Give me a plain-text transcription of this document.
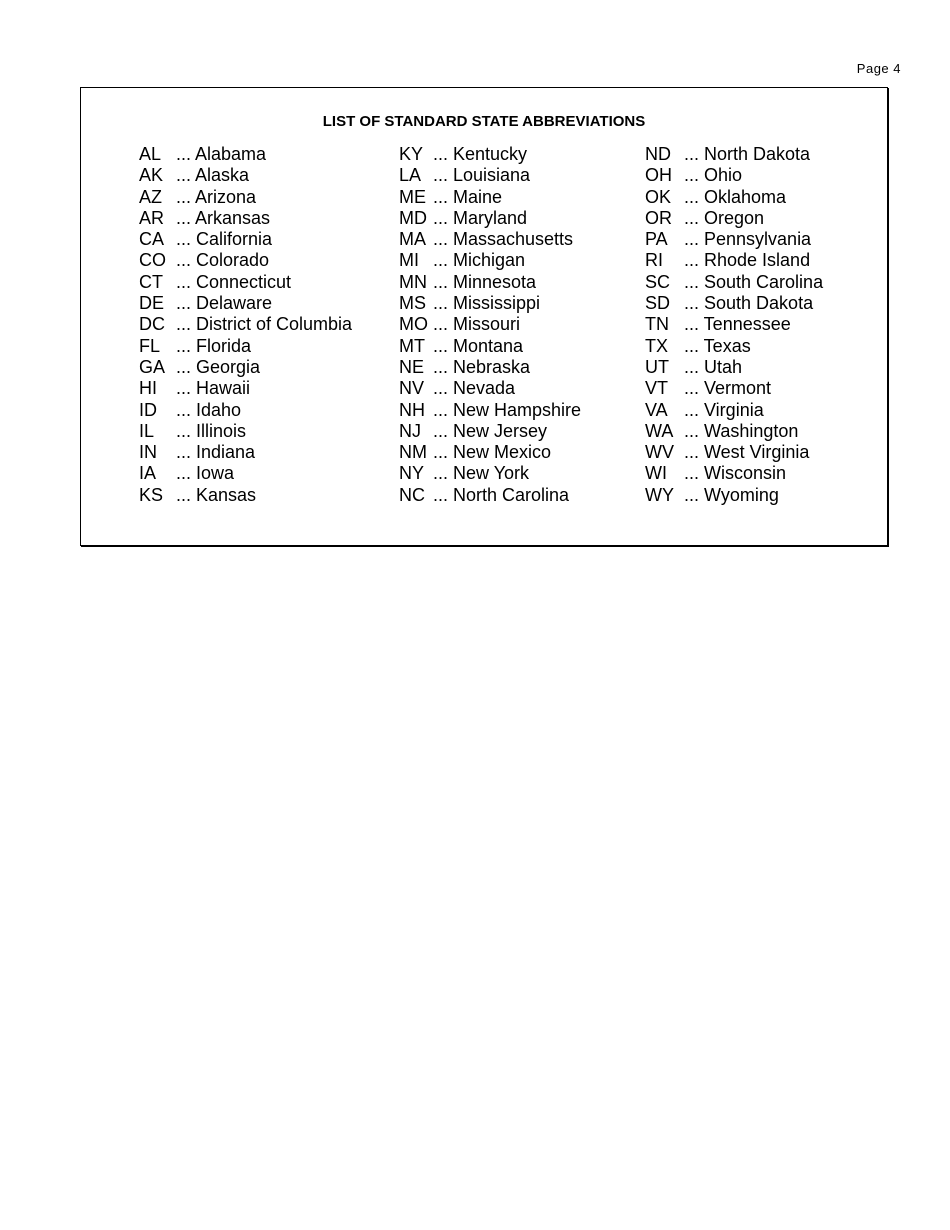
Page 4
LIST OF STANDARD STATE ABBREVIATIONS
AL ... Alabama
AK ... Alaska
AZ ... Arizona
AR ... Arkansas
CA ... California
CO ... Colorado
CT ... Connecticut
DE ... Delaware
DC ... District of Columbia
FL ... Florida
GA ... Georgia
HI ... Hawaii
ID ... Idaho
IL ... Illinois
IN ... Indiana
IA ... Iowa
KS ... Kansas
KY ... Kentucky
LA ... Louisiana
ME ... Maine
MD ... Maryland
MA ... Massachusetts
MI ... Michigan
MN ... Minnesota
MS ... Mississippi
MO ... Missouri
MT ... Montana
NE ... Nebraska
NV ... Nevada
NH ... New Hampshire
NJ ... New Jersey
NM ... New Mexico
NY ... New York
NC ... North Carolina
ND ... North Dakota
OH ... Ohio
OK ... Oklahoma
OR ... Oregon
PA ... Pennsylvania
RI ... Rhode Island
SC ... South Carolina
SD ... South Dakota
TN ... Tennessee
TX ... Texas
UT ... Utah
VT ... Vermont
VA ... Virginia
WA ... Washington
WV ... West Virginia
WI ... Wisconsin
WY ... Wyoming
